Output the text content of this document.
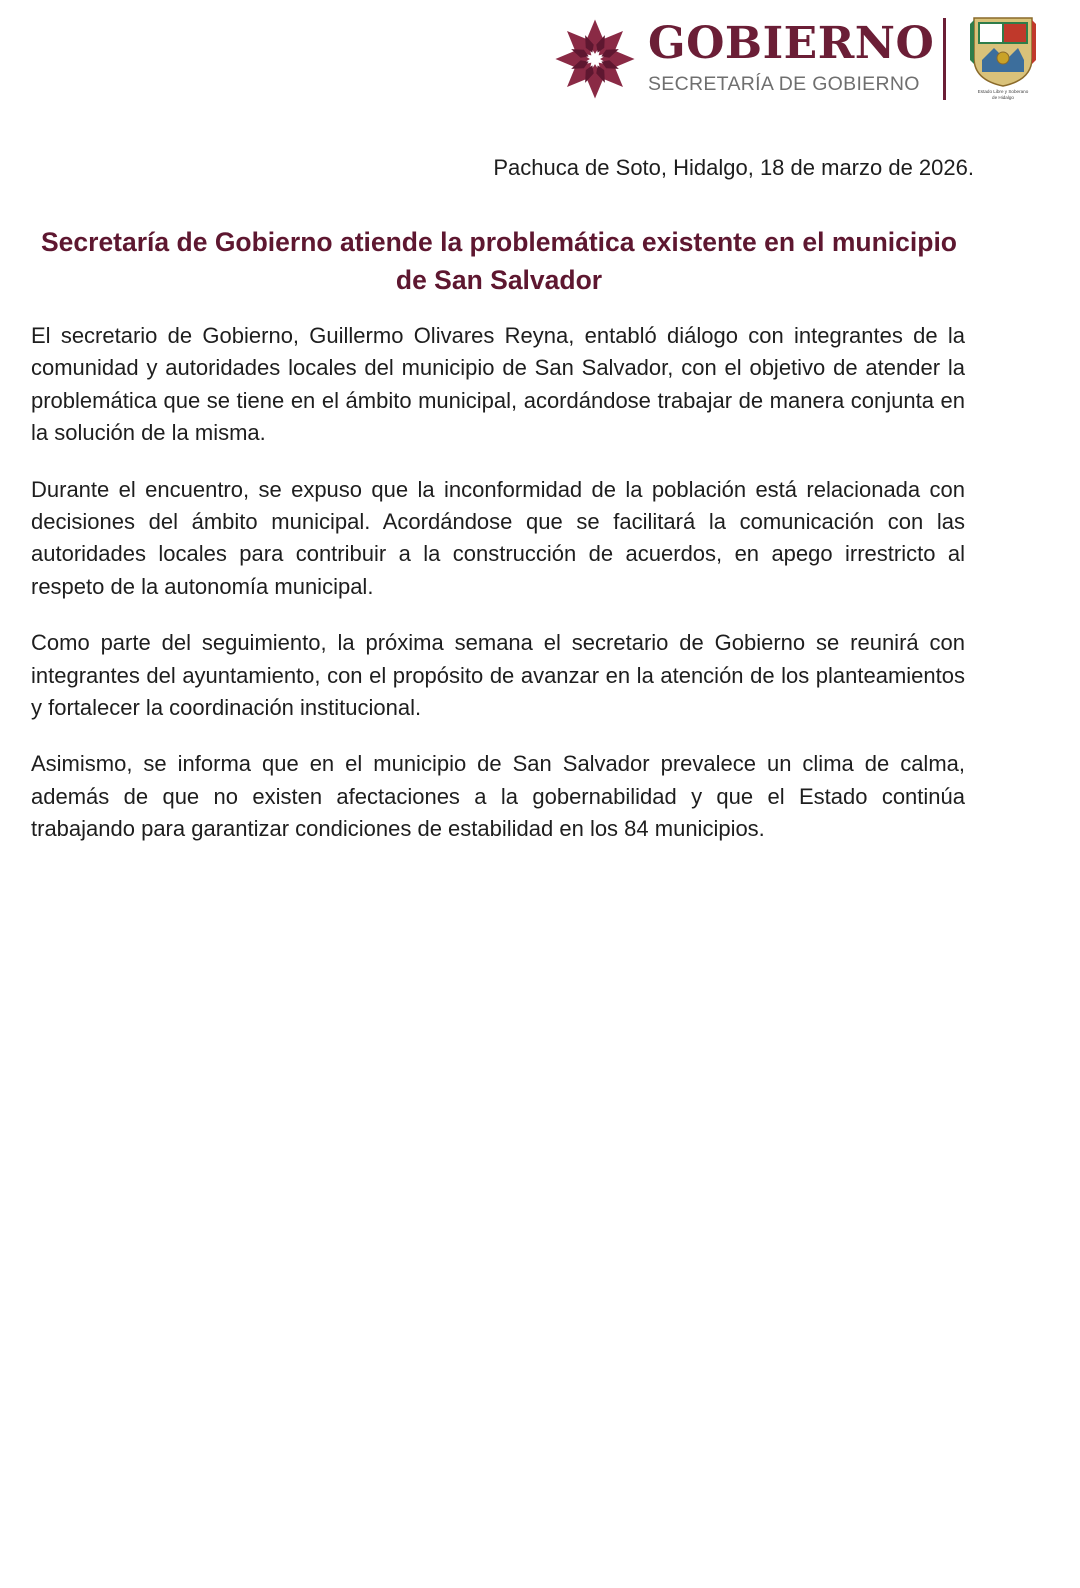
GOBIERNO
SECRETARÍA DE GOBIERNO	Estado Libre y Soberano
de Hidalgo
Pachuca de Soto, Hidalgo, 18 de marzo de 2026.
Secretaría de Gobierno atiende la problemática existente en el municipio de San Salvador

El secretario de Gobierno, Guillermo Olivares Reyna, entabló diálogo con integrantes de la comunidad y autoridades locales del municipio de San Salvador, con el objetivo de atender la problemática que se tiene en el ámbito municipal, acordándose trabajar de manera conjunta en la solución de la misma.

Durante el encuentro, se expuso que la inconformidad de la población está relacionada con decisiones del ámbito municipal. Acordándose que se facilitará la comunicación con las autoridades locales para contribuir a la construcción de acuerdos, en apego irrestricto al respeto de la autonomía municipal.

Como parte del seguimiento, la próxima semana el secretario de Gobierno se reunirá con integrantes del ayuntamiento, con el propósito de avanzar en la atención de los planteamientos y fortalecer la coordinación institucional.

Asimismo, se informa que en el municipio de San Salvador prevalece un clima de calma, además de que no existen afectaciones a la gobernabilidad y que el Estado continúa trabajando para garantizar condiciones de estabilidad en los 84 municipios.
